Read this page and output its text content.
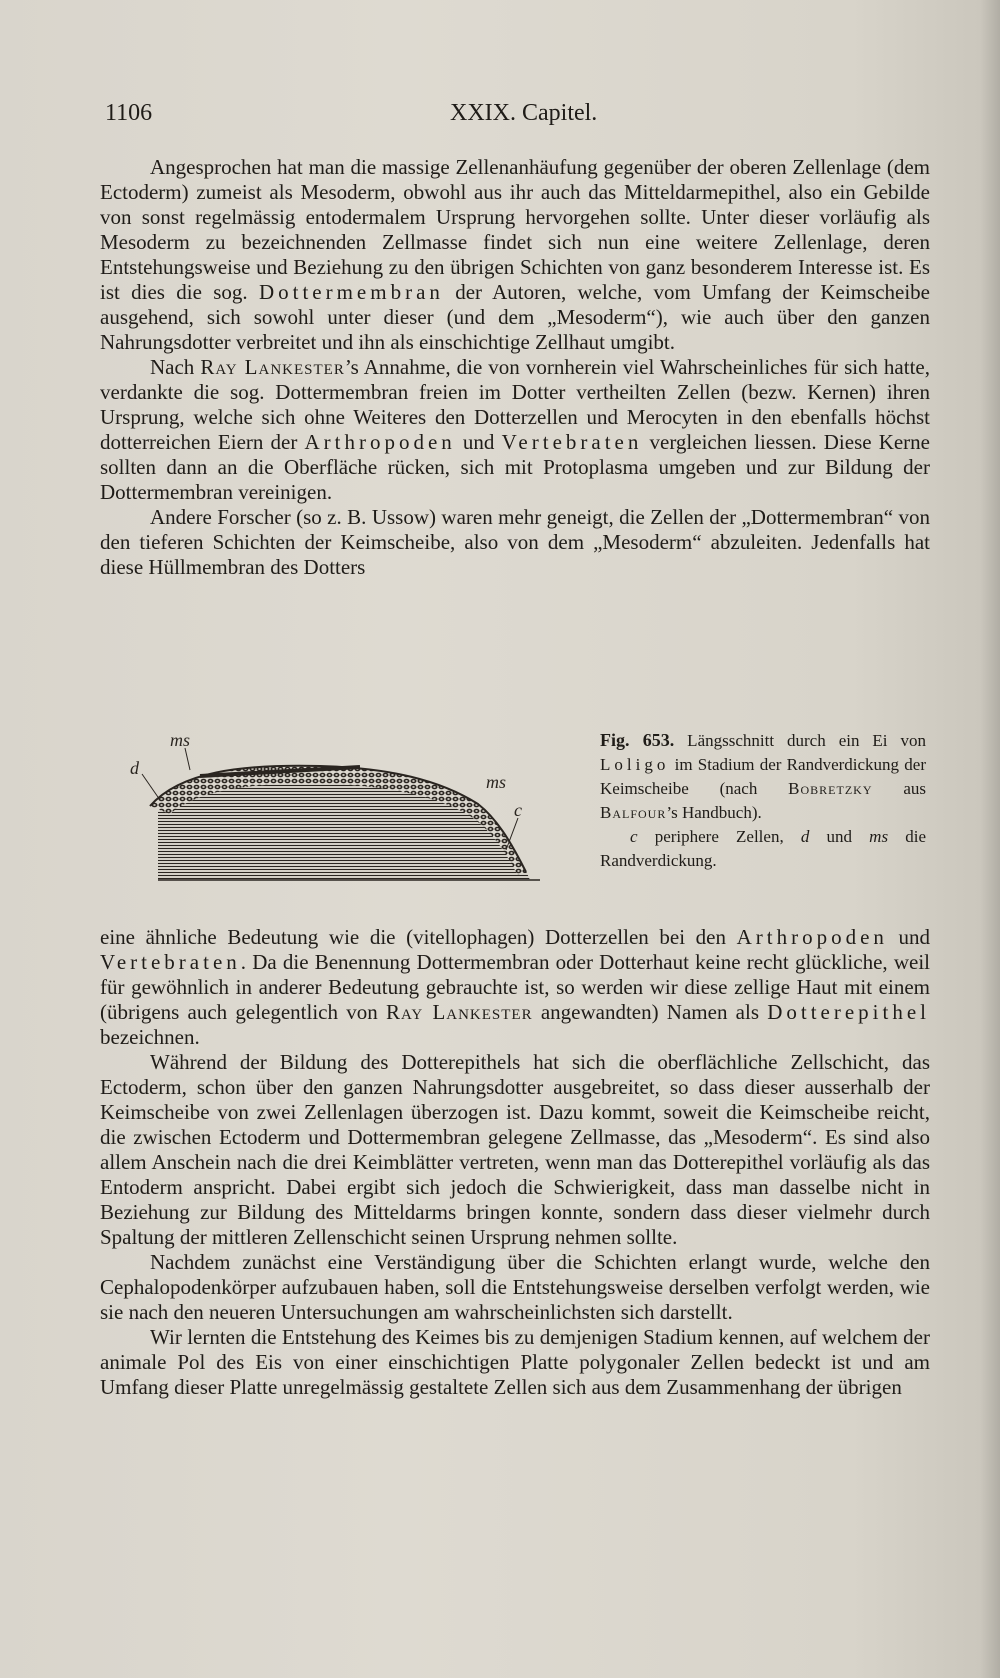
1106	XXIX. Capitel.

Angesprochen hat man die massige Zellenanhäufung gegenüber der oberen Zellenlage (dem Ectoderm) zumeist als Mesoderm, obwohl aus ihr auch das Mitteldarmepithel, also ein Gebilde von sonst regelmässig entodermalem Ursprung hervorgehen sollte. Unter dieser vorläufig als Mesoderm zu bezeichnenden Zellmasse findet sich nun eine weitere Zellenlage, deren Entstehungsweise und Beziehung zu den übrigen Schichten von ganz besonderem Interesse ist. Es ist dies die sog. Dottermembran der Autoren, welche, vom Umfang der Keimscheibe ausgehend, sich sowohl unter dieser (und dem „Mesoderm“), wie auch über den ganzen Nahrungsdotter verbreitet und ihn als einschichtige Zellhaut umgibt.

Nach Ray Lankester’s Annahme, die von vornherein viel Wahrscheinliches für sich hatte, verdankte die sog. Dottermembran freien im Dotter vertheilten Zellen (bezw. Kernen) ihren Ursprung, welche sich ohne Weiteres den Dotterzellen und Merocyten in den ebenfalls höchst dotterreichen Eiern der Arthropoden und Vertebraten vergleichen liessen. Diese Kerne sollten dann an die Oberfläche rücken, sich mit Protoplasma umgeben und zur Bildung der Dottermembran vereinigen.

Andere Forscher (so z. B. Ussow) waren mehr geneigt, die Zellen der „Dottermembran“ von den tieferen Schichten der Keimscheibe, also von dem „Mesoderm“ abzuleiten. Jedenfalls hat diese Hüllmembran des Dotters

ms
d
ms
c

Fig. 653. Längsschnitt durch ein Ei von Loligo im Stadium der Randverdickung der Keimscheibe (nach Bobretzky aus Balfour’s Handbuch).

c periphere Zellen, d und ms die Randverdickung.

eine ähnliche Bedeutung wie die (vitellophagen) Dotterzellen bei den Arthropoden und Vertebraten. Da die Benennung Dottermembran oder Dotterhaut keine recht glückliche, weil für gewöhnlich in anderer Bedeutung gebrauchte ist, so werden wir diese zellige Haut mit einem (übrigens auch gelegentlich von Ray Lankester angewandten) Namen als Dotterepithel bezeichnen.

Während der Bildung des Dotterepithels hat sich die oberflächliche Zellschicht, das Ectoderm, schon über den ganzen Nahrungsdotter ausgebreitet, so dass dieser ausserhalb der Keimscheibe von zwei Zellenlagen überzogen ist. Dazu kommt, soweit die Keimscheibe reicht, die zwischen Ectoderm und Dottermembran gelegene Zellmasse, das „Mesoderm“. Es sind also allem Anschein nach die drei Keimblätter vertreten, wenn man das Dotterepithel vorläufig als das Entoderm anspricht. Dabei ergibt sich jedoch die Schwierigkeit, dass man dasselbe nicht in Beziehung zur Bildung des Mitteldarms bringen konnte, sondern dass dieser vielmehr durch Spaltung der mittleren Zellenschicht seinen Ursprung nehmen sollte.

Nachdem zunächst eine Verständigung über die Schichten erlangt wurde, welche den Cephalopodenkörper aufzubauen haben, soll die Entstehungsweise derselben verfolgt werden, wie sie nach den neueren Untersuchungen am wahrscheinlichsten sich darstellt.

Wir lernten die Entstehung des Keimes bis zu demjenigen Stadium kennen, auf welchem der animale Pol des Eis von einer einschichtigen Platte polygonaler Zellen bedeckt ist und am Umfang dieser Platte unregelmässig gestaltete Zellen sich aus dem Zusammenhang der übrigen
